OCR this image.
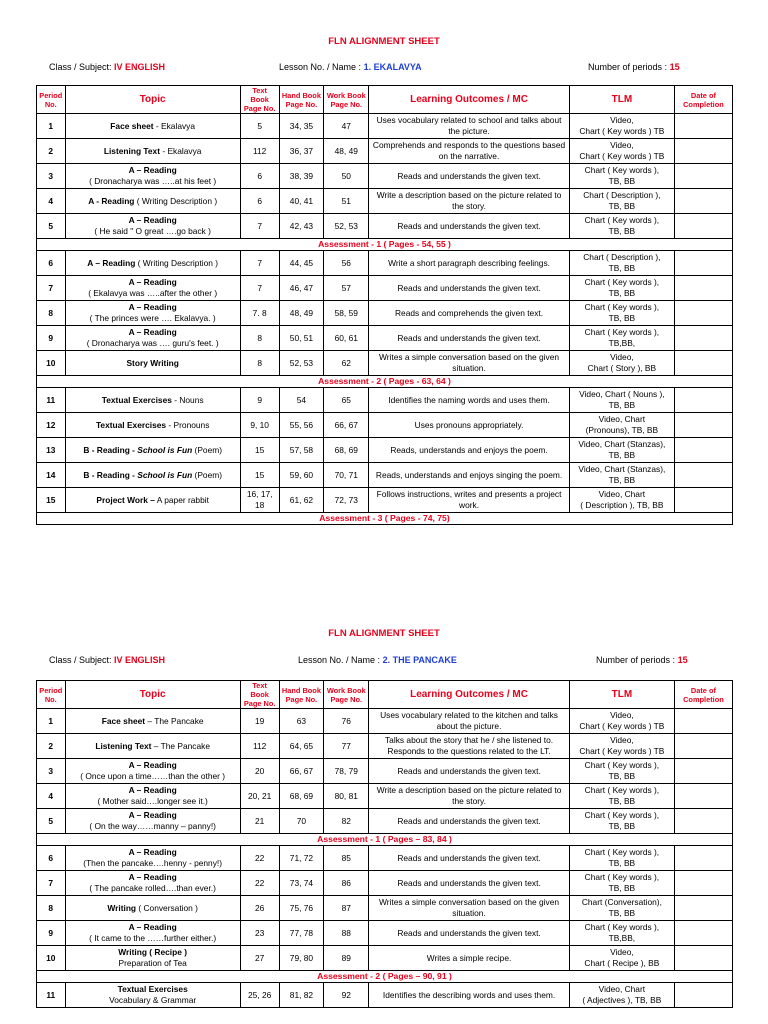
FLN ALIGNMENT SHEET
Class / Subject: IV ENGLISH	Lesson No. / Name : 1. EKALAVYA	Number of periods : 15
Period No.	Topic	Text Book Page No.	Hand Book Page No.	Work Book Page No.	Learning Outcomes / MC	TLM	Date of Completion
1	Face sheet - Ekalavya	5	34, 35	47	Uses vocabulary related to school and talks about the picture.	Video,
Chart ( Key words ) TB	

2	Listening Text - Ekalavya	112	36, 37	48, 49	Comprehends and responds to the questions based on the narrative.	Video,
Chart ( Key words ) TB	

3	A – Reading
( Dronacharya was …..at his feet )	6	38, 39	50	Reads and understands the given text.	Chart ( Key words ),
TB, BB	

4	A - Reading ( Writing Description )	6	40, 41	51	Write a description based on the picture related to the story.	Chart ( Description ),
TB, BB	

5	A – Reading
( He said " O great ….go back )	7	42, 43	52, 53	Reads and understands the given text.	Chart ( Key words ),
TB, BB	

Assessment - 1 ( Pages - 54, 55 )							
6	A – Reading ( Writing Description )	7	44, 45	56	Write a short paragraph describing feelings.	Chart ( Description ),
TB, BB	

7	A – Reading
( Ekalavya was …..after the other )	7	46, 47	57	Reads and understands the given text.	Chart ( Key words ),
TB, BB	

8	A – Reading
( The princes were …. Ekalavya. )	7. 8	48, 49	58, 59	Reads and comprehends the given text.	Chart ( Key words ),
TB, BB	

9	A – Reading
( Dronacharya was …. guru's feet. )	8	50, 51	60, 61	Reads and understands the given text.	Chart ( Key words ),
TB,BB,	

10	Story Writing	8	52, 53	62	Writes a simple conversation based on the given situation.	Video,
Chart ( Story ), BB	

Assessment - 2 ( Pages - 63, 64 )							
11	Textual Exercises - Nouns	9	54	65	Identifies the naming words and uses them.	Video, Chart ( Nouns ),
TB, BB	

12	Textual Exercises - Pronouns	9, 10	55, 56	66, 67	Uses pronouns appropriately.	Video, Chart
(Pronouns), TB, BB	

13	B - Reading - School is Fun (Poem)	15	57, 58	68, 69	Reads, understands and enjoys the poem.	Video, Chart (Stanzas),
TB, BB	

14	B - Reading - School is Fun (Poem)	15	59, 60	70, 71	Reads, understands and enjoys singing the poem.	Video, Chart (Stanzas),
TB, BB	

15	Project Work – A paper rabbit	16, 17, 18	61, 62	72, 73	Follows instructions, writes and presents a project work.	Video, Chart
( Description ), TB, BB	

Assessment - 3 ( Pages - 74, 75)							
FLN ALIGNMENT SHEET
Class / Subject: IV ENGLISH	Lesson No. / Name : 2. THE PANCAKE	Number of periods : 15
Period No.	Topic	Text Book Page No.	Hand Book Page No.	Work Book Page No.	Learning Outcomes / MC	TLM	Date of Completion
1	Face sheet – The Pancake	19	63	76	Uses vocabulary related to the kitchen and talks about the picture.	Video,
Chart ( Key words ) TB	

2	Listening Text – The Pancake	112	64, 65	77	Talks about the story that he / she listened to. Responds to the questions related to the LT.	Video,
Chart ( Key words ) TB	

3	A – Reading
( Once upon a time……than the other )	20	66, 67	78, 79	Reads and understands the given text.	Chart ( Key words ),
TB, BB	

4	A – Reading
( Mother said….longer see it.)	20, 21	68, 69	80, 81	Write a description based on the picture related to the story.	Chart ( Key words ),
TB, BB	

5	A – Reading
( On the way……manny – panny!)	21	70	82	Reads and understands the given text.	Chart ( Key words ),
TB, BB	

Assessment - 1 ( Pages – 83, 84 )							
6	A – Reading
(Then the pancake….henny - penny!)	22	71, 72	85	Reads and understands the given text.	Chart ( Key words ),
TB, BB	

7	A – Reading
( The pancake rolled….than ever.)	22	73, 74	86	Reads and understands the given text.	Chart ( Key words ),
TB, BB	

8	Writing ( Conversation )	26	75, 76	87	Writes a simple conversation based on the given situation.	Chart (Conversation),
TB, BB	

9	A – Reading
( It came to the ……further either.)	23	77, 78	88	Reads and understands the given text.	Chart ( Key words ),
TB,BB,	

10	Writing ( Recipe )
Preparation of Tea	27	79, 80	89	Writes a simple recipe.	Video,
Chart ( Recipe ), BB	

Assessment - 2 ( Pages – 90, 91 )							
11	Textual Exercises
Vocabulary & Grammar	25, 26	81, 82	92	Identifies the describing words and uses them.	Video, Chart
( Adjectives ), TB, BB	
